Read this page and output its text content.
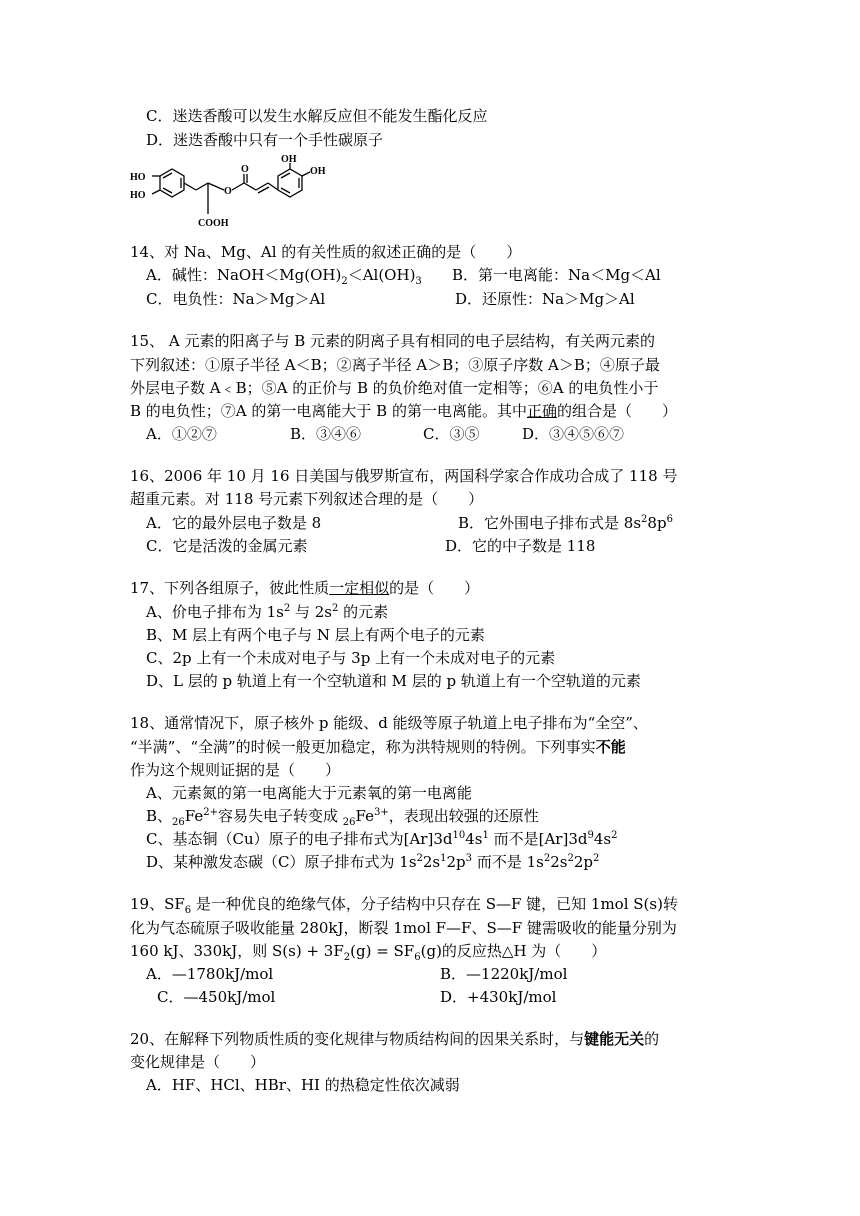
C．迷迭香酸可以发生水解反应但不能发生酯化反应
D．迷迭香酸中只有一个手性碳原子
HO
HO
COOH
O
O
OH
OH
14、对 Na、Mg、Al 的有关性质的叙述正确的是（　　）
A．碱性：$NaOH<Mg(OH)_2<Al(OH)_3$ B．第一电离能：Na＜Mg＜Al
C．电负性：Na＞Mg＞Al	D．还原性：Na＞Mg＞Al
15、 A 元素的阳离子与 B 元素的阴离子具有相同的电子层结构，有关两元素的
下列叙述：①原子半径 A＜B；②离子半径 A＞B；③原子序数 A＞B；④原子最
外层电子数 A﹤B；⑤A 的正价与 B 的负价绝对值一定相等；⑥A 的电负性小于
B 的电负性；⑦A 的第一电离能大于 B 的第一电离能。其中正确的组合是（　　）
A．①②⑦	B．③④⑥	C．③⑤	D．③④⑤⑥⑦
16、2006 年 10 月 16 日美国与俄罗斯宣布，两国科学家合作成功合成了 118 号
超重元素。对 118 号元素下列叙述合理的是（　　）
A．它的最外层电子数是 8	B．它外围电子排布式是 $8s^28p^6$
C．它是活泼的金属元素	D．它的中子数是 118
17、下列各组原子，彼此性质一定相似的是（　　）
A、价电子排布为 $1s^2$ 与 $2s^2$ 的元素
B、M 层上有两个电子与 N 层上有两个电子的元素
C、2p 上有一个未成对电子与 3p 上有一个未成对电子的元素
D、L 层的 p 轨道上有一个空轨道和 M 层的 p 轨道上有一个空轨道的元素
18、通常情况下，原子核外 p 能级、d 能级等原子轨道上电子排布为“全空”、
“半满”、“全满”的时候一般更加稳定，称为洪特规则的特例。下列事实不能
作为这个规则证据的是（　　）
A、元素氮的第一电离能大于元素氧的第一电离能
B、$_{26}Fe^{2+}$容易失电子转变成 $_{26}Fe^{3+}$，表现出较强的还原性
C、基态铜（Cu）原子的电子排布式为$[Ar]3d^{10}4s^1$ 而不是$[Ar]3d^94s^2$
D、某种激发态碳（C）原子排布式为 $1s^22s^12p^3$ 而不是 $1s^22s^22p^2$
19、$SF_6$ 是一种优良的绝缘气体，分子结构中只存在 S—F 键，已知 1mol S(s)转
化为气态硫原子吸收能量 280kJ，断裂 1mol F—F、S—F 键需吸收的能量分别为
160 kJ、330kJ，则 $S(s) + 3F_2(g) = SF_6(g)$的反应热△H 为（　　）
A．—1780kJ/mol	B．—1220kJ/mol
C．—450kJ/mol	D．+430kJ/mol
20、在解释下列物质性质的变化规律与物质结构间的因果关系时，与键能无关的
变化规律是（　　）
A．HF、HCl、HBr、HI 的热稳定性依次减弱
